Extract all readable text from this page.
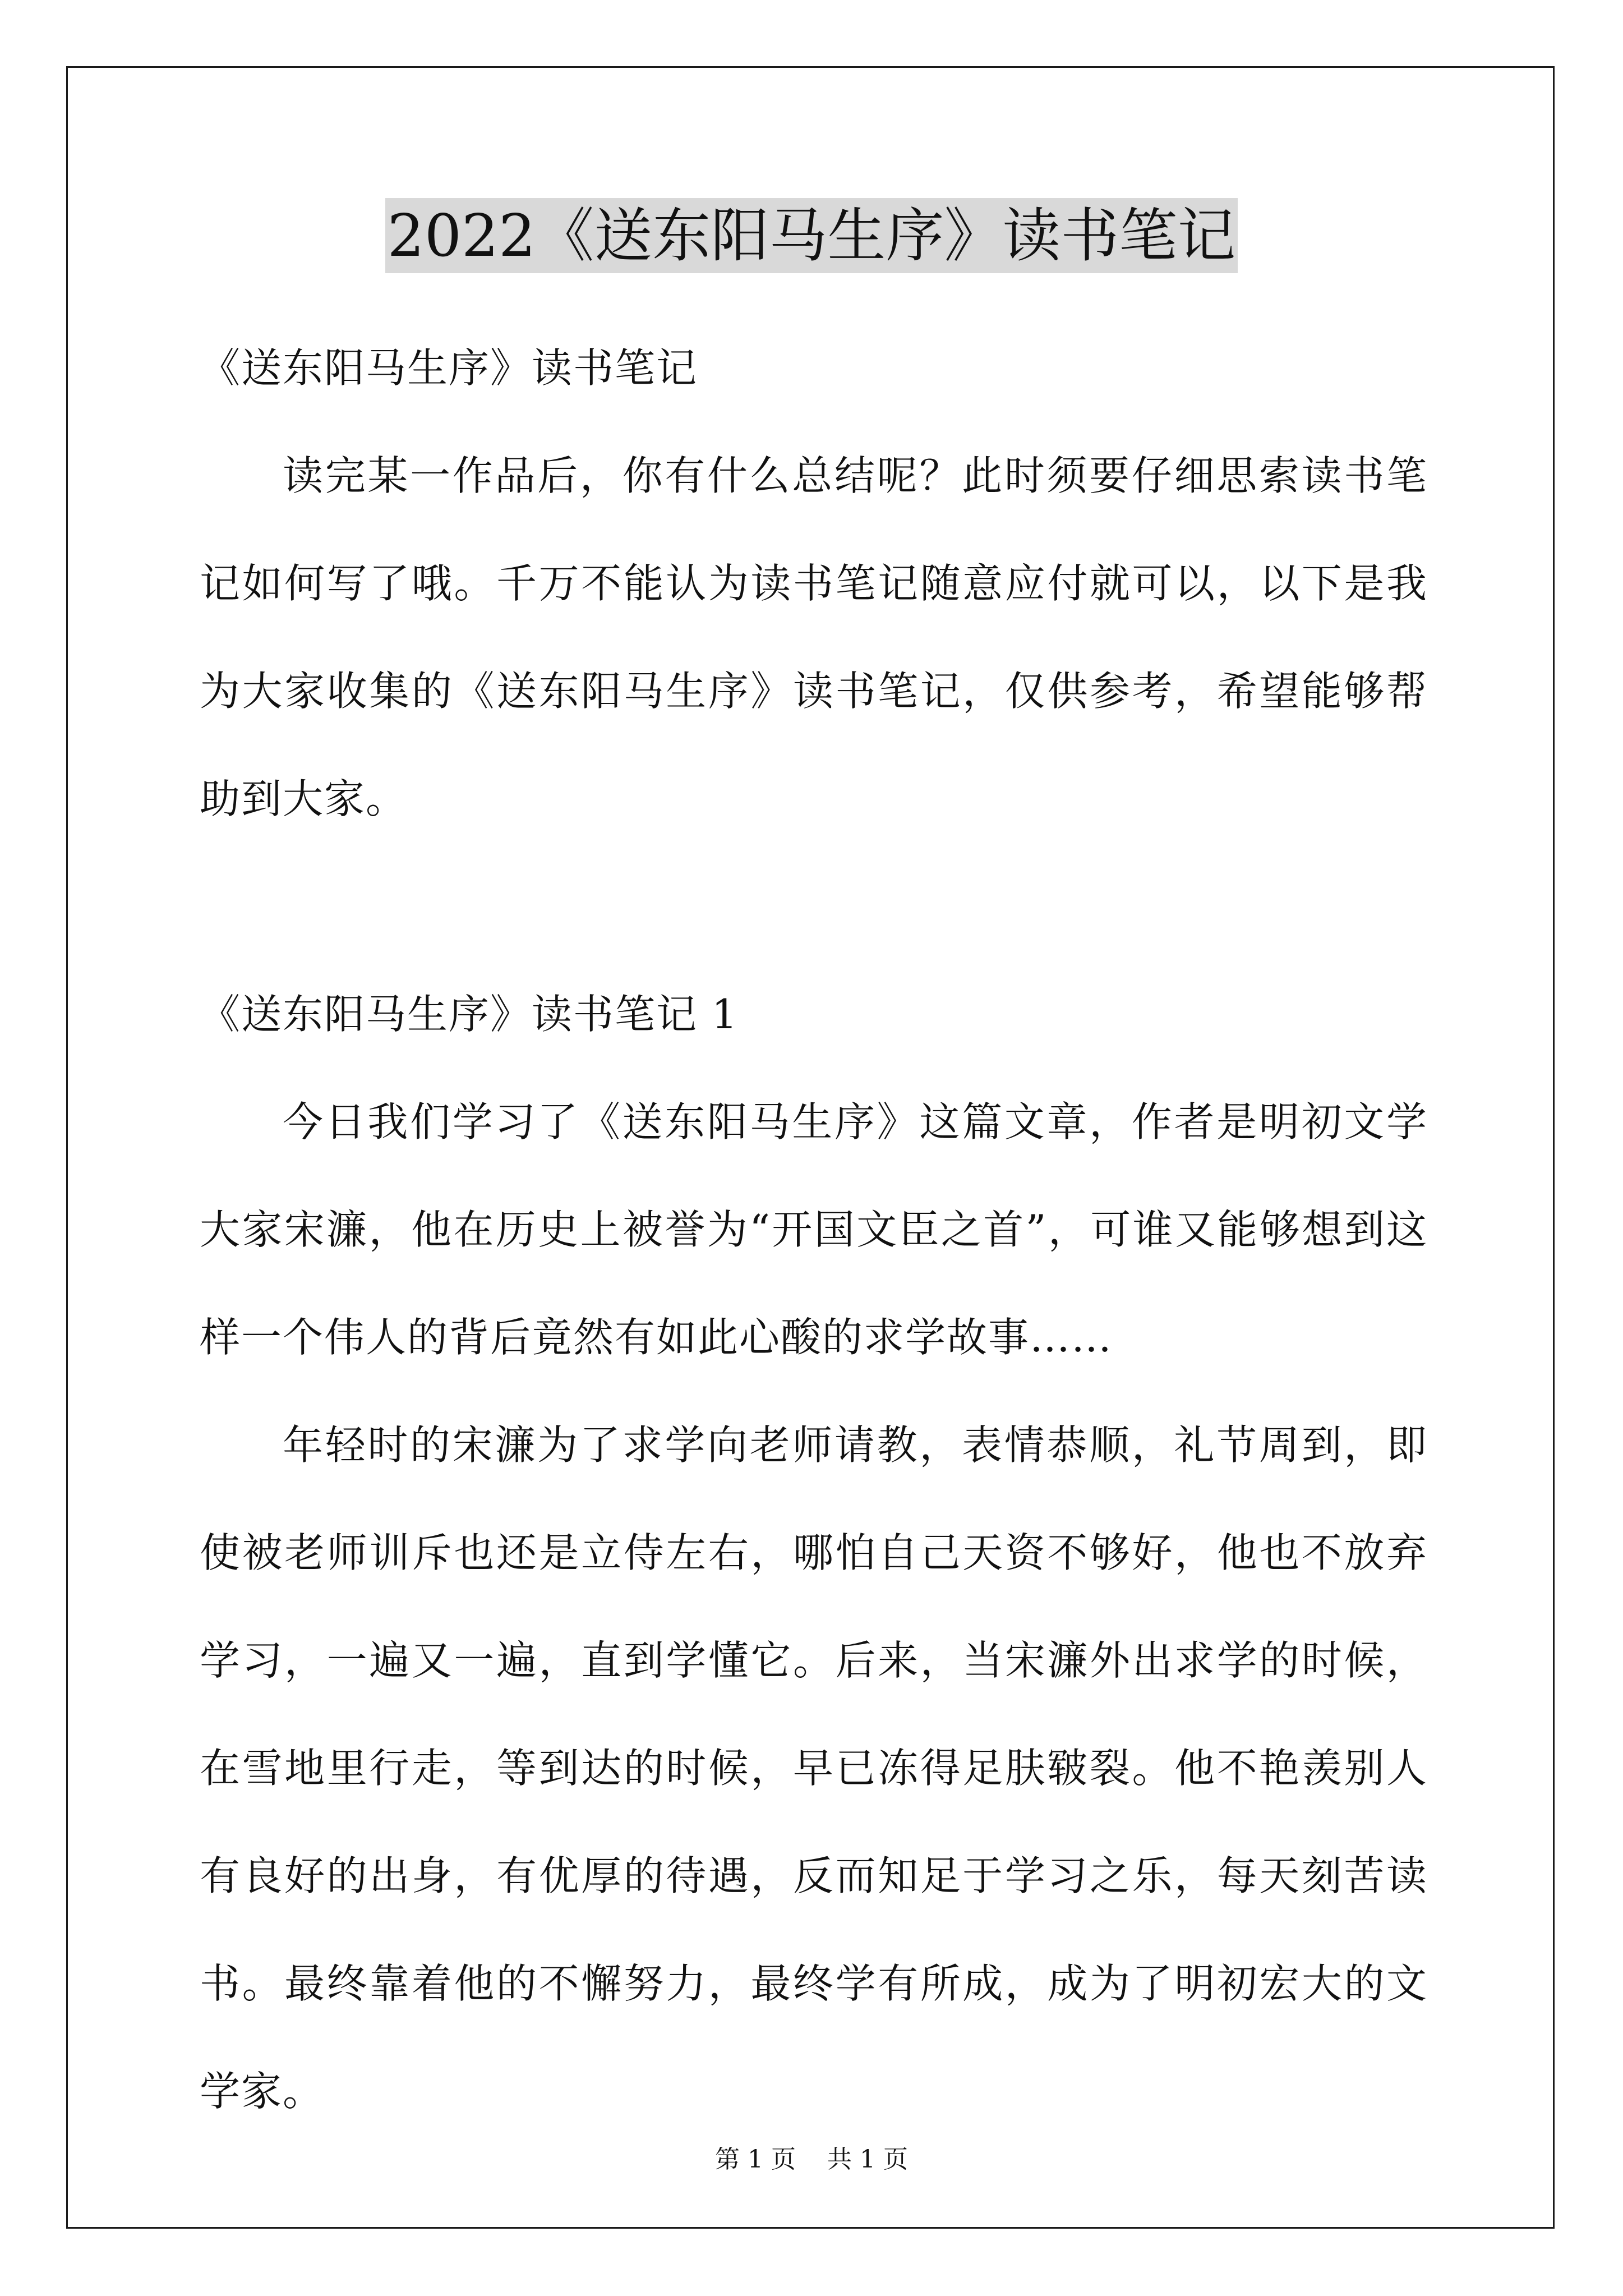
2022《送东阳马生序》读书笔记

《送东阳马生序》读书笔记

读完某一作品后，你有什么总结呢？此时须要仔细思索读书笔记如何写了哦。千万不能认为读书笔记随意应付就可以，以下是我为大家收集的《送东阳马生序》读书笔记，仅供参考，希望能够帮助到大家。

《送东阳马生序》读书笔记 1

今日我们学习了《送东阳马生序》这篇文章，作者是明初文学大家宋濂，他在历史上被誉为“开国文臣之首”，可谁又能够想到这样一个伟人的背后竟然有如此心酸的求学故事……

年轻时的宋濂为了求学向老师请教，表情恭顺，礼节周到，即使被老师训斥也还是立侍左右，哪怕自己天资不够好，他也不放弃学习，一遍又一遍，直到学懂它。后来，当宋濂外出求学的时候，在雪地里行走，等到达的时候，早已冻得足肤皲裂。他不艳羡别人有良好的出身，有优厚的待遇，反而知足于学习之乐，每天刻苦读书。最终靠着他的不懈努力，最终学有所成，成为了明初宏大的文学家。

第 1 页 共 1 页
